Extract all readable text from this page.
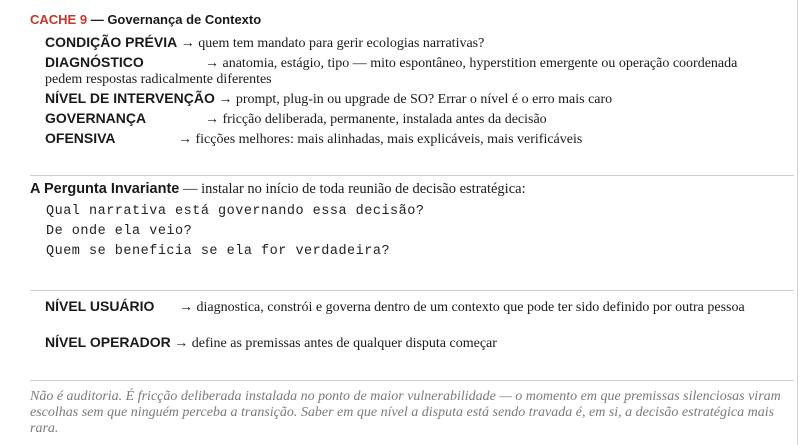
CACHE 9 — Governança de Contexto
CONDIÇÃO PRÉVIA → quem tem mandato para gerir ecologias narrativas?
DIAGNÓSTICO	→ anatomia, estágio, tipo — mito espontâneo, hyperstition emergente ou operação coordenada pedem respostas radicalmente diferentes
NÍVEL DE INTERVENÇÃO → prompt, plug-in ou upgrade de SO? Errar o nível é o erro mais caro
GOVERNANÇA	→ fricção deliberada, permanente, instalada antes da decisão
OFENSIVA	→ ficções melhores: mais alinhadas, mais explicáveis, mais verificáveis
A Pergunta Invariante — instalar no início de toda reunião de decisão estratégica:
Qual narrativa está governando essa decisão?
De onde ela veio?
Quem se beneficia se ela for verdadeira?
NÍVEL USUÁRIO → diagnostica, constrói e governa dentro de um contexto que pode ter sido definido por outra pessoa
NÍVEL OPERADOR → define as premissas antes de qualquer disputa começar
Não é auditoria. É fricção deliberada instalada no ponto de maior vulnerabilidade — o momento em que premissas silenciosas viram escolhas sem que ninguém perceba a transição. Saber em que nível a disputa está sendo travada é, em si, a decisão estratégica mais rara.
